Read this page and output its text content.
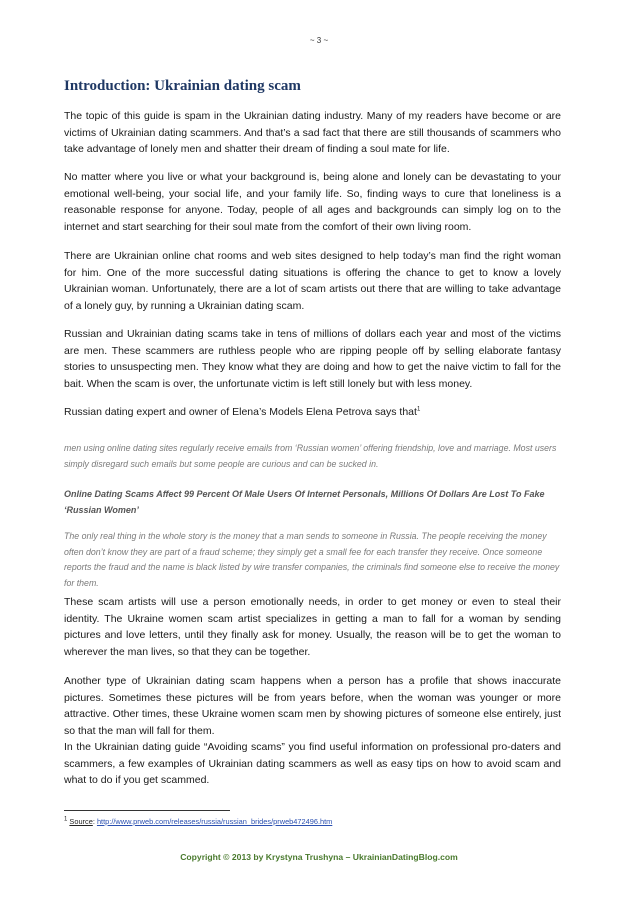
~ 3 ~
Introduction: Ukrainian dating scam

The topic of this guide is spam in the Ukrainian dating industry. Many of my readers have become or are victims of Ukrainian dating scammers. And that’s a sad fact that there are still thousands of scammers who take advantage of lonely men and shatter their dream of finding a soul mate for life.

No matter where you live or what your background is, being alone and lonely can be devastating to your emotional well-being, your social life, and your family life. So, finding ways to cure that loneliness is a reasonable response for anyone. Today, people of all ages and backgrounds can simply log on to the internet and start searching for their soul mate from the comfort of their own living room.

There are Ukrainian online chat rooms and web sites designed to help today’s man find the right woman for him. One of the more successful dating situations is offering the chance to get to know a lovely Ukrainian woman. Unfortunately, there are a lot of scam artists out there that are willing to take advantage of a lonely guy, by running a Ukrainian dating scam.

Russian and Ukrainian dating scams take in tens of millions of dollars each year and most of the victims are men. These scammers are ruthless people who are ripping people off by selling elaborate fantasy stories to unsuspecting men. They know what they are doing and how to get the naive victim to fall for the bait. When the scam is over, the unfortunate victim is left still lonely but with less money.

Russian dating expert and owner of Elena’s Models Elena Petrova says that$^1$

men using online dating sites regularly receive emails from ‘Russian women’ offering friendship, love and marriage. Most users simply disregard such emails but some people are curious and can be sucked in.

Online Dating Scams Affect 99 Percent Of Male Users Of Internet Personals, Millions Of Dollars Are Lost To Fake ‘Russian Women’

The only real thing in the whole story is the money that a man sends to someone in Russia. The people receiving the money often don’t know they are part of a fraud scheme; they simply get a small fee for each transfer they receive. Once someone reports the fraud and the name is black listed by wire transfer companies, the criminals find someone else to receive the money for them.

These scam artists will use a person emotionally needs, in order to get money or even to steal their identity. The Ukraine women scam artist specializes in getting a man to fall for a woman by sending pictures and love letters, until they finally ask for money. Usually, the reason will be to get the woman to wherever the man lives, so that they can be together.

Another type of Ukrainian dating scam happens when a person has a profile that shows inaccurate pictures. Sometimes these pictures will be from years before, when the woman was younger or more attractive. Other times, these Ukraine women scam men by showing pictures of someone else entirely, just so that the man will fall for them.

In the Ukrainian dating guide “Avoiding scams” you find useful information on professional pro-daters and scammers, a few examples of Ukrainian dating scammers as well as easy tips on how to avoid scam and what to do if you get scammed.

$^1$ Source: http://www.prweb.com/releases/russia/russian_brides/prweb472496.htm
Copyright © 2013 by Krystyna Trushyna – UkrainianDatingBlog.com
